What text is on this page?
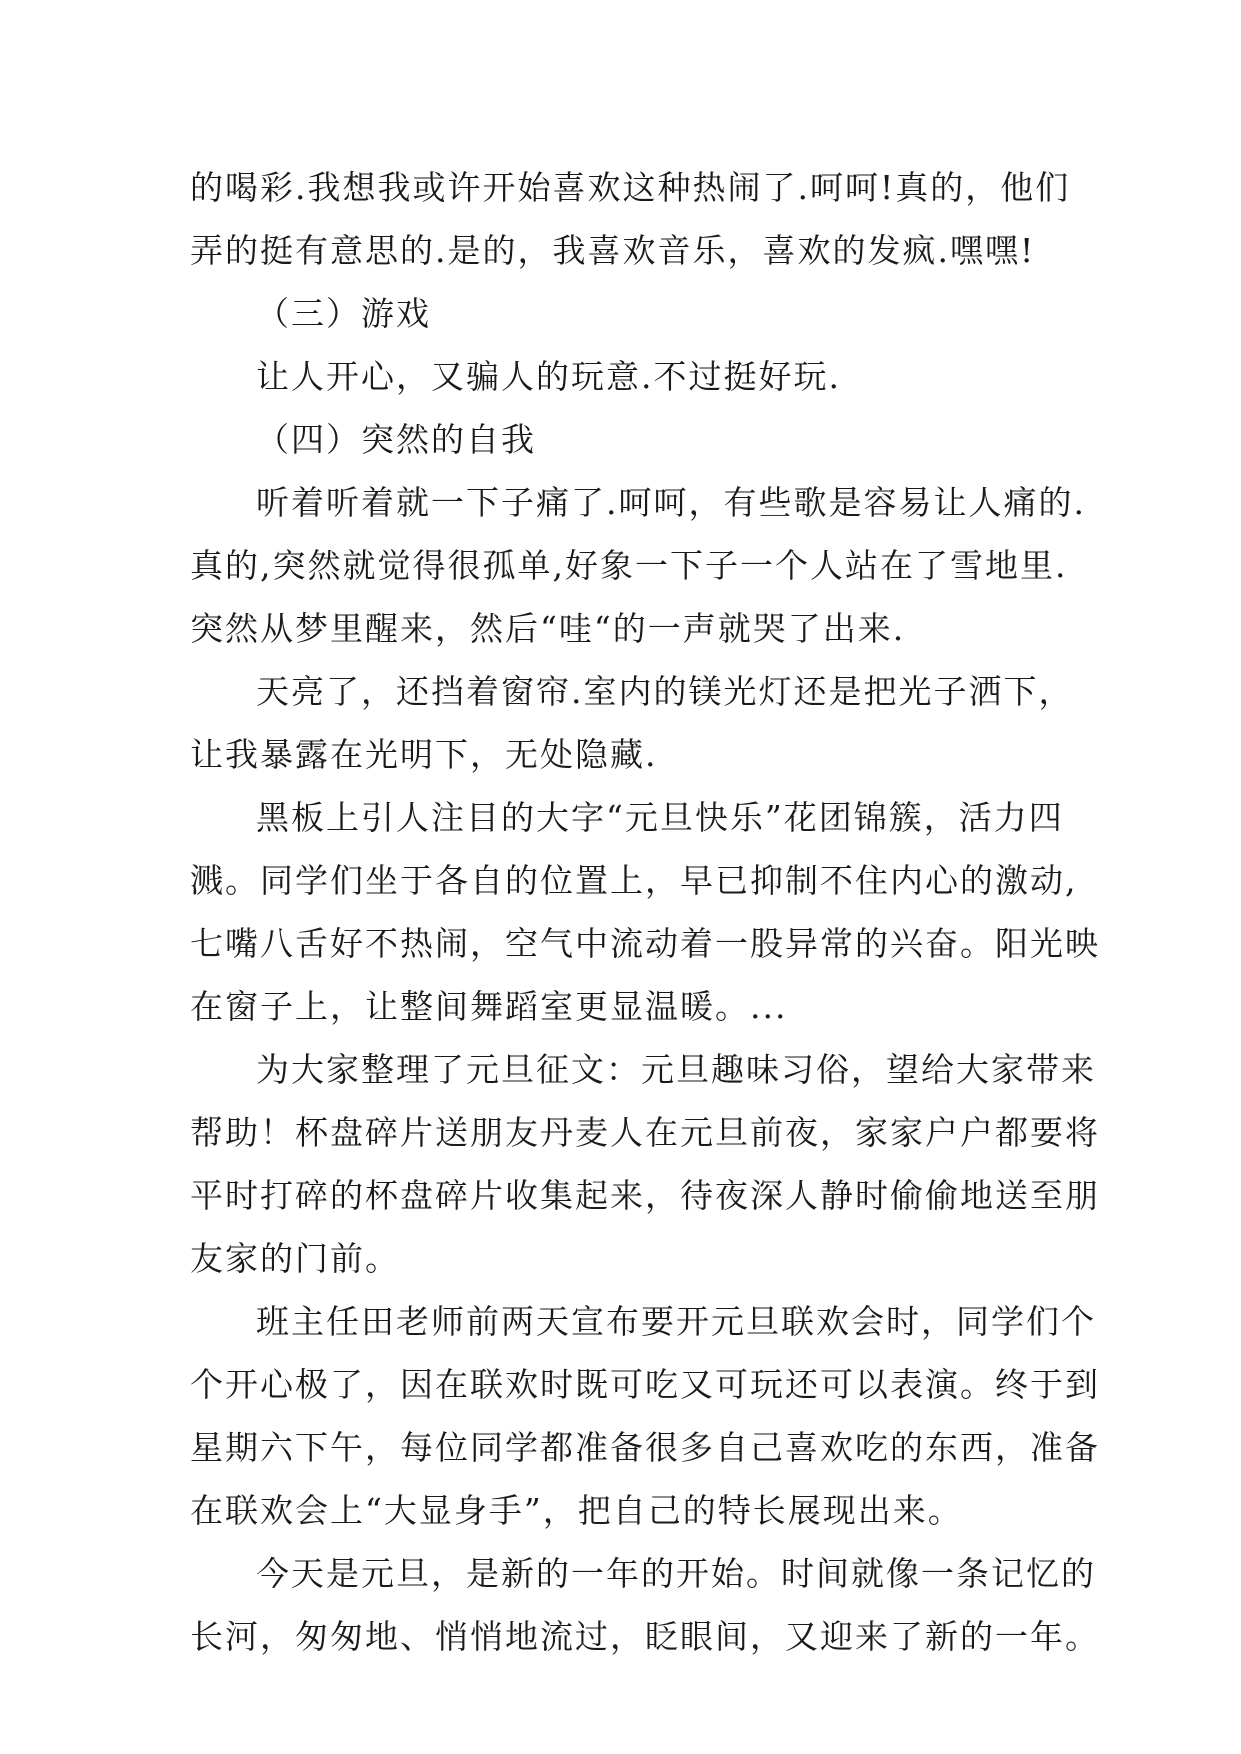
的喝彩.我想我或许开始喜欢这种热闹了.呵呵!真的，他们
弄的挺有意思的.是的，我喜欢音乐，喜欢的发疯.嘿嘿!
（三）游戏
让人开心，又骗人的玩意.不过挺好玩.
（四）突然的自我
听着听着就一下子痛了.呵呵，有些歌是容易让人痛的.
真的,突然就觉得很孤单,好象一下子一个人站在了雪地里.
突然从梦里醒来，然后“哇“的一声就哭了出来.
天亮了，还挡着窗帘.室内的镁光灯还是把光子洒下，
让我暴露在光明下，无处隐藏.
黑板上引人注目的大字“元旦快乐”花团锦簇，活力四
溅。同学们坐于各自的位置上，早已抑制不住内心的激动,
七嘴八舌好不热闹，空气中流动着一股异常的兴奋。阳光映
在窗子上，让整间舞蹈室更显温暖。...
为大家整理了元旦征文：元旦趣味习俗，望给大家带来
帮助！杯盘碎片送朋友丹麦人在元旦前夜，家家户户都要将
平时打碎的杯盘碎片收集起来，待夜深人静时偷偷地送至朋
友家的门前。
班主任田老师前两天宣布要开元旦联欢会时，同学们个
个开心极了，因在联欢时既可吃又可玩还可以表演。终于到
星期六下午，每位同学都准备很多自己喜欢吃的东西，准备
在联欢会上“大显身手”，把自己的特长展现出来。
今天是元旦，是新的一年的开始。时间就像一条记忆的
长河，匆匆地、悄悄地流过，眨眼间，又迎来了新的一年。
